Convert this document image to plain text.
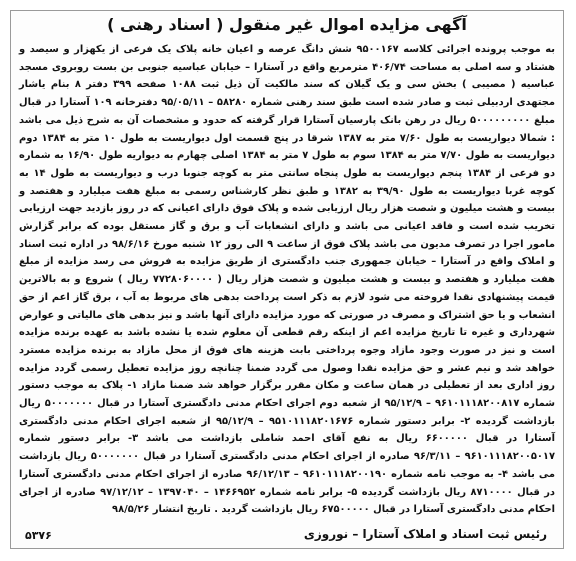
آگهی مزایده اموال غیر منقول ( اسناد رهنی )
به موجب پرونده اجرائی کلاسه ۹۵۰۰۱۶۷ شش دانگ عرصه و اعیان خانه پلاک یک فرعی از یکهزار و سیصد و هشتاد و سه اصلی به مساحت ۴۰۶/۷۴ مترمربع واقع در آستارا – خیابان عباسیه جنوبی بن بست روبروی مسجد عباسیه ( مصیبی ) بخش سی و یک گیلان که سند مالکیت آن ذیل ثبت ۱۰۸۸ صفحه ۳۹۹ دفتر ۸ بنام یاشار مجتهدی اردبیلی ثبت و صادر شده است طبق سند رهنی شماره ۵۸۲۸۰ – ۹۵/۰۵/۱۱ دفترخانه ۱۰۹ آستارا در قبال مبلغ ۵۰۰۰۰۰۰۰۰۰ ریال در رهن بانک پارسیان آستارا قرار گرفته که حدود و مشخصات آن به شرح ذیل می باشد : شمالا دیواریست به طول ۷/۶۰ متر به ۱۳۸۷ شرقا در پنج قسمت اول دیواریست به طول ۱۰ متر به ۱۳۸۴ دوم دیواریست به طول ۷/۷۰ متر به ۱۳۸۴ سوم به طول ۷ متر به ۱۳۸۴ اصلی چهارم به دیواریه طول ۱۶/۹۰ به شماره دو فرعی از ۱۳۸۴ پنجم دیواریست به طول پنجاه سانتی متر به کوچه جنوبا درب و دیواریست به طول ۱۴ به کوچه غربا دیواریست به طول ۳۹/۹۰ به ۱۳۸۲ و طبق نظر کارشناس رسمی به مبلغ هفت میلیارد و هفتصد و بیست و هشت میلیون و شصت هزار ریال ارزیابی شده و پلاک فوق دارای اعیانی که در روز بازدید جهت ارزیابی تخریب شده است و فاقد اعیانی می باشد و دارای انشعابات آب و برق و گاز مستقل بوده که برابر گزارش مامور اجرا در تصرف مدیون می باشد پلاک فوق از ساعت ۹ الی روز ۱۲ شنبه مورخ ۹۸/۶/۱۶ در اداره ثبت اسناد و املاک واقع در آستارا – خیابان جمهوری جنب دادگستری از طریق مزایده به فروش می رسد مزایده از مبلغ هفت میلیارد و هفتصد و بیست و هشت میلیون و شصت هزار ریال ( ۷۷۲۸۰۶۰۰۰۰ ریال ) شروع و به بالاترین قیمت پیشنهادی نقدا فروخته می شود لازم به ذکر است پرداخت بدهی های مربوط به آب ، برق گاز اعم از حق انشعاب و یا حق اشتراک و مصرف در صورتی که مورد مزایده دارای آنها باشد و نیز بدهی های مالیاتی و عوارض شهرداری و غیره تا تاریخ مزایده اعم از اینکه رقم قطعی آن معلوم شده یا نشده باشد به عهده برنده مزایده است و نیز در صورت وجود مازاد وجوه پرداختی بابت هزینه های فوق از محل مازاد به برنده مزایده مسترد خواهد شد و نیم عشر و حق مزایده نقدا وصول می گردد ضمنا چنانچه روز مزایده تعطیل رسمی گردد مزایده روز اداری بعد از تعطیلی در همان ساعت و مکان مقرر برگزار خواهد شد ضمنا مازاد ۱- پلاک به موجب دستور شماره ۹۶۱۰۱۱۱۸۲۰۰۸۱۷ – ۹۵/۱۲/۹ از شعبه دوم اجرای احکام مدنی دادگستری آستارا در قبال ۵۰۰۰۰۰۰۰ ریال بازداشت گردیده ۲- برابر دستور شماره ۹۵۱۰۱۱۱۸۲۰۱۶۷۶ – ۹۵/۱۲/۹ از شعبه اجرای احکام مدنی دادگستری آستارا در قبال ۶۶۰۰۰۰۰ ریال به نفع آقای احمد شاملی بازداشت می باشد ۳- برابر دستور شماره ۹۶۱۰۱۱۱۸۲۰۰۵۰۱۷ – ۹۶/۳/۱۱ صادره از اجرای احکام مدنی دادگستری آستارا در قبال ۵۰۰۰۰۰۰۰ ریال بازداشت می باشد ۴- به موجب نامه شماره ۹۶۱۰۱۱۱۸۲۰۰۱۹۰ – ۹۶/۱۲/۱۳ صادره از اجرای احکام مدنی دادگستری آستارا در قبال ۸۷۱۰۰۰۰ ریال بازداشت گردیده ۵- برابر نامه شماره ۱۴۶۶۹۵۲ – ۱۳۹۷۰۴۰ – ۹۷/۱۲/۱۲ صادره از اجرای احکام مدنی دادگستری آستارا در قبال ۶۷۵۰۰۰۰۰ ریال بازداشت گردید . تاریخ انتشار ۹۸/۵/۲۶
۵۳۷۶	رئیس ثبت اسناد و املاک آستارا – نوروزی
